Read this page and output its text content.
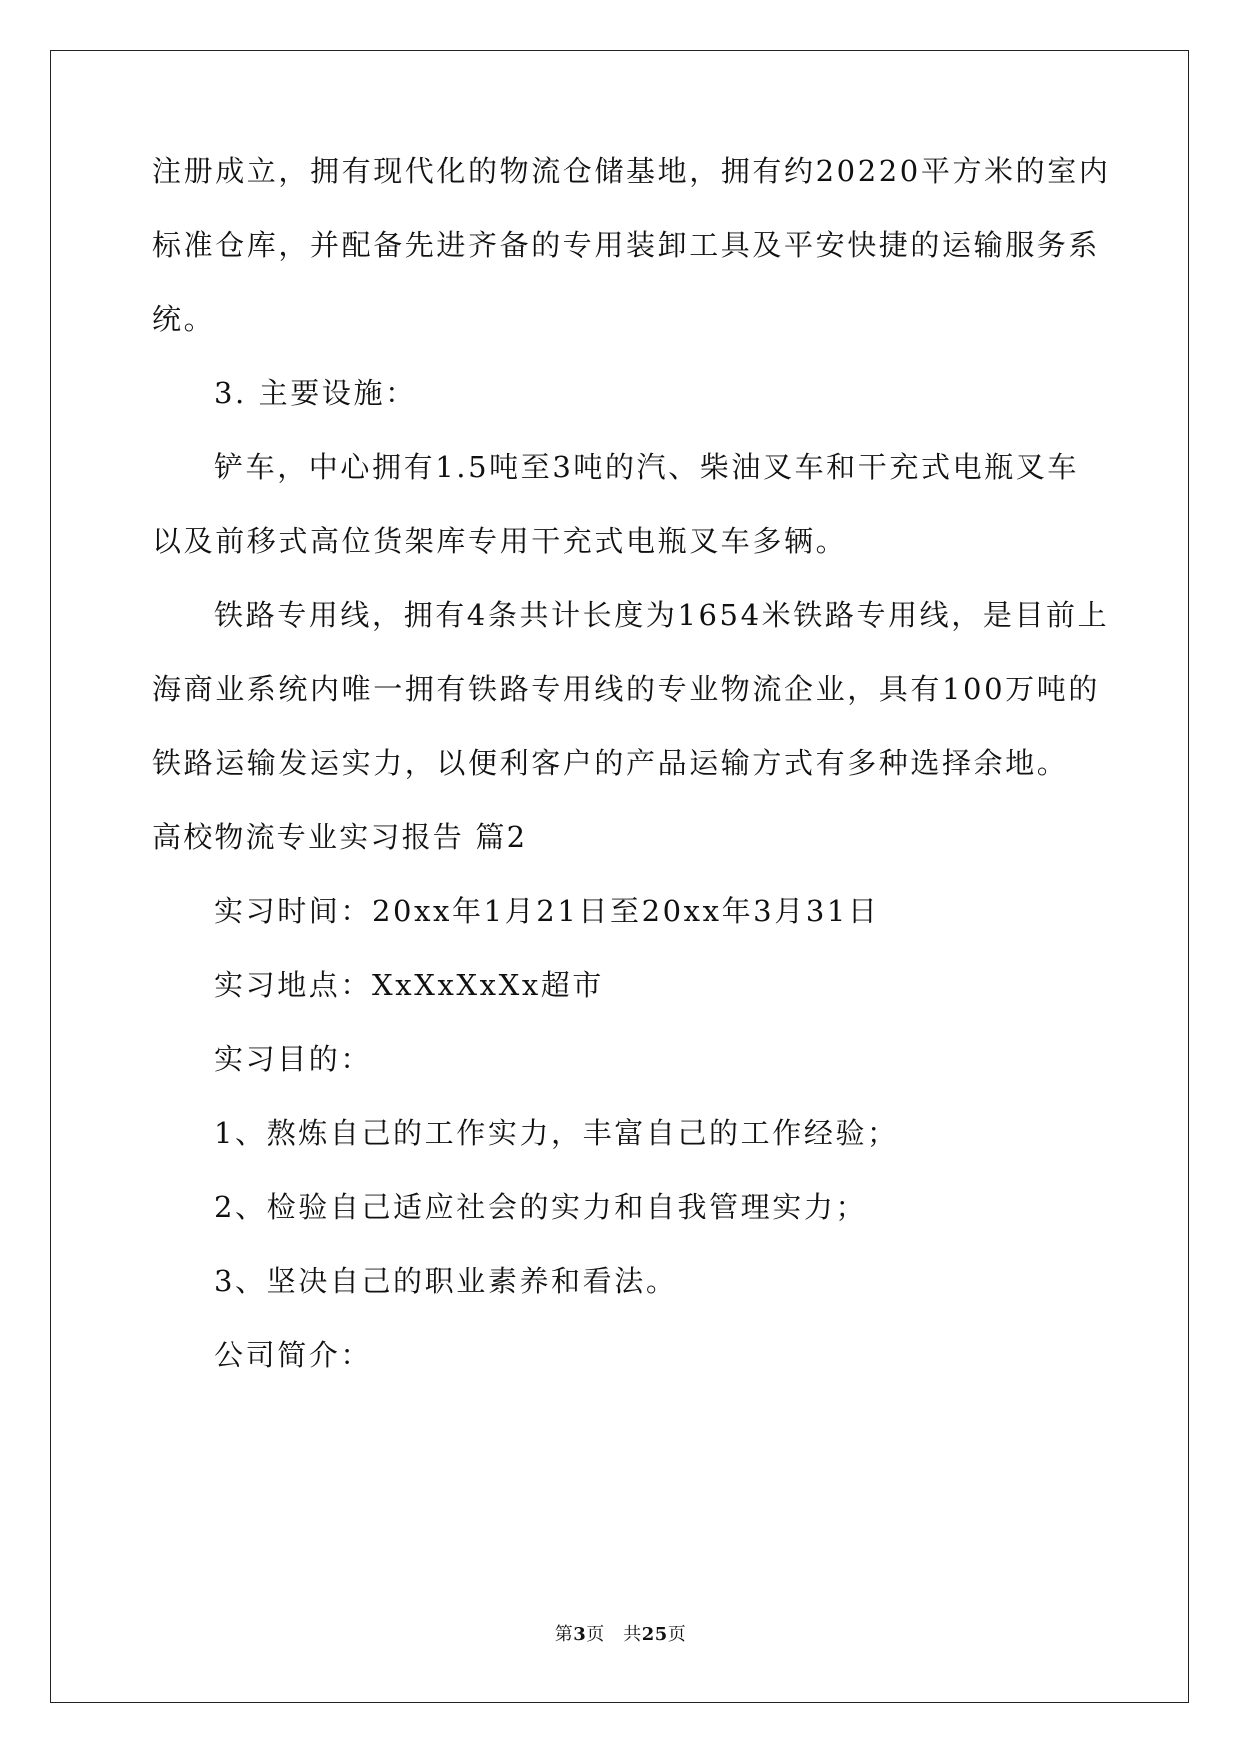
注册成立，拥有现代化的物流仓储基地，拥有约20220平方米的室内
标准仓库，并配备先进齐备的专用装卸工具及平安快捷的运输服务系
统。
3. 主要设施：
铲车，中心拥有1.5吨至3吨的汽、柴油叉车和干充式电瓶叉车
以及前移式高位货架库专用干充式电瓶叉车多辆。
铁路专用线，拥有4条共计长度为1654米铁路专用线，是目前上
海商业系统内唯一拥有铁路专用线的专业物流企业，具有100万吨的
铁路运输发运实力，以便利客户的产品运输方式有多种选择余地。
高校物流专业实习报告 篇2
实习时间：20xx年1月21日至20xx年3月31日
实习地点：XxXxXxXx超市
实习目的：
1、熬炼自己的工作实力，丰富自己的工作经验；
2、检验自己适应社会的实力和自我管理实力；
3、坚决自己的职业素养和看法。
公司简介：
第3页　共25页
